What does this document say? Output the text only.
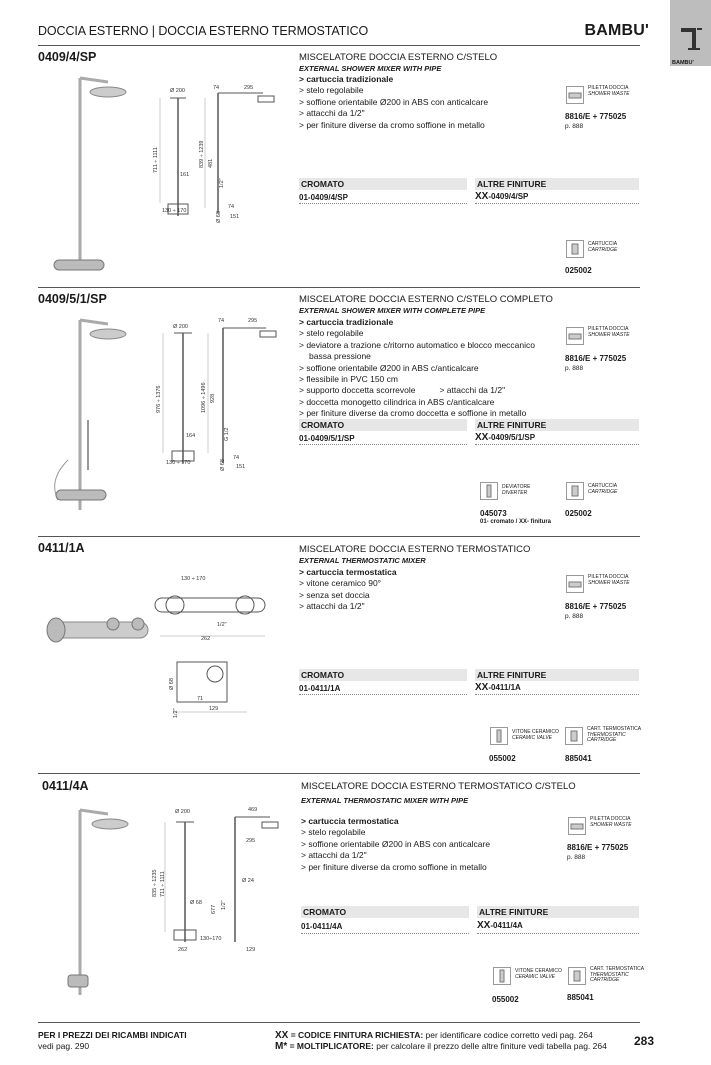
DOCCIA ESTERNO | DOCCIA ESTERNO TERMOSTATICO	BAMBU'
BAMBU'
0409/4/SP
Ø 200	74	295
711 ÷ 1111	839 ÷ 1239 481
161
130 ÷ 170
1/2"
Ø 68
74
151
MISCELATORE DOCCIA ESTERNO C/STELO
EXTERNAL SHOWER MIXER WITH PIPE
> cartuccia tradizionale
> stelo regolabile
> soffione orientabile Ø200 in ABS con anticalcare
> attacchi da 1/2"
> per finiture diverse da cromo soffione in metallo
PILETTA DOCCIA
SHOWER WASTE
8816/E + 775025
p. 888
CROMATO	ALTRE FINITURE
01-0409/4/SP	XX-0409/4/SP
CARTUCCIA
CARTRIDGE
025002
0409/5/1/SP
Ø 200
74	295
976 ÷ 1376	1096 ÷ 1496 928
164
130 ÷ 170
G 1/2
Ø 68
74
151
MISCELATORE DOCCIA ESTERNO C/STELO COMPLETO
EXTERNAL SHOWER MIXER WITH COMPLETE PIPE
> cartuccia tradizionale
> stelo regolabile
> deviatore a trazione c/ritorno automatico e blocco meccanico
bassa pressione
> soffione orientabile Ø200 in ABS c/anticalcare
> flessibile in PVC 150 cm
> supporto doccetta scorrevole	> attacchi da 1/2"
> doccetta monogetto cilindrica in ABS c/anticalcare
> per finiture diverse da cromo doccetta e soffione in metallo
PILETTA DOCCIA
SHOWER WASTE
8816/E + 775025
p. 888
CROMATO	ALTRE FINITURE
01-0409/5/1/SP	XX-0409/5/1/SP
DEVIATORE
DIVERTER
045073
01- cromato / XX- finitura
CARTUCCIA
CARTRIDGE
025002
0411/1A
130 ÷ 170
1/2"
262
Ø 68
71
129
1/2"
MISCELATORE DOCCIA ESTERNO TERMOSTATICO
EXTERNAL THERMOSTATIC MIXER
> cartuccia termostatica
> vitone ceramico 90°
> senza set doccia
> attacchi da 1/2"
PILETTA DOCCIA
SHOWER WASTE
8816/E + 775025
p. 888
CROMATO	ALTRE FINITURE
01-0411/1A	XX-0411/1A
VITONE CERAMICO
CERAMIC VALVE
055002
CART. TERMOSTATICA
THERMOSTATIC
CARTRIDGE
885041
0411/4A
Ø 200	469
295
835 ÷ 1235 711 ÷ 1111	Ø 24
Ø 68
677 1/2"
130÷170
262	129
MISCELATORE DOCCIA ESTERNO TERMOSTATICO C/STELO
EXTERNAL THERMOSTATIC MIXER WITH PIPE
> cartuccia termostatica
> stelo regolabile
> soffione orientabile Ø200 in ABS con anticalcare
> attacchi da 1/2"
> per finiture diverse da cromo soffione in metallo
PILETTA DOCCIA
SHOWER WASTE
8816/E + 775025
p. 888
CROMATO	ALTRE FINITURE
01-0411/4A	XX-0411/4A
VITONE CERAMICO
CERAMIC VALVE
055002
CART. TERMOSTATICA
THERMOSTATIC
CARTRIDGE
885041
PER I PREZZI DEI RICAMBI INDICATI
vedi pag. 290
XX = CODICE FINITURA RICHIESTA: per identificare codice corretto vedi pag. 264
M* = MOLTIPLICATORE: per calcolare il prezzo delle altre finiture vedi tabella pag. 264 283
